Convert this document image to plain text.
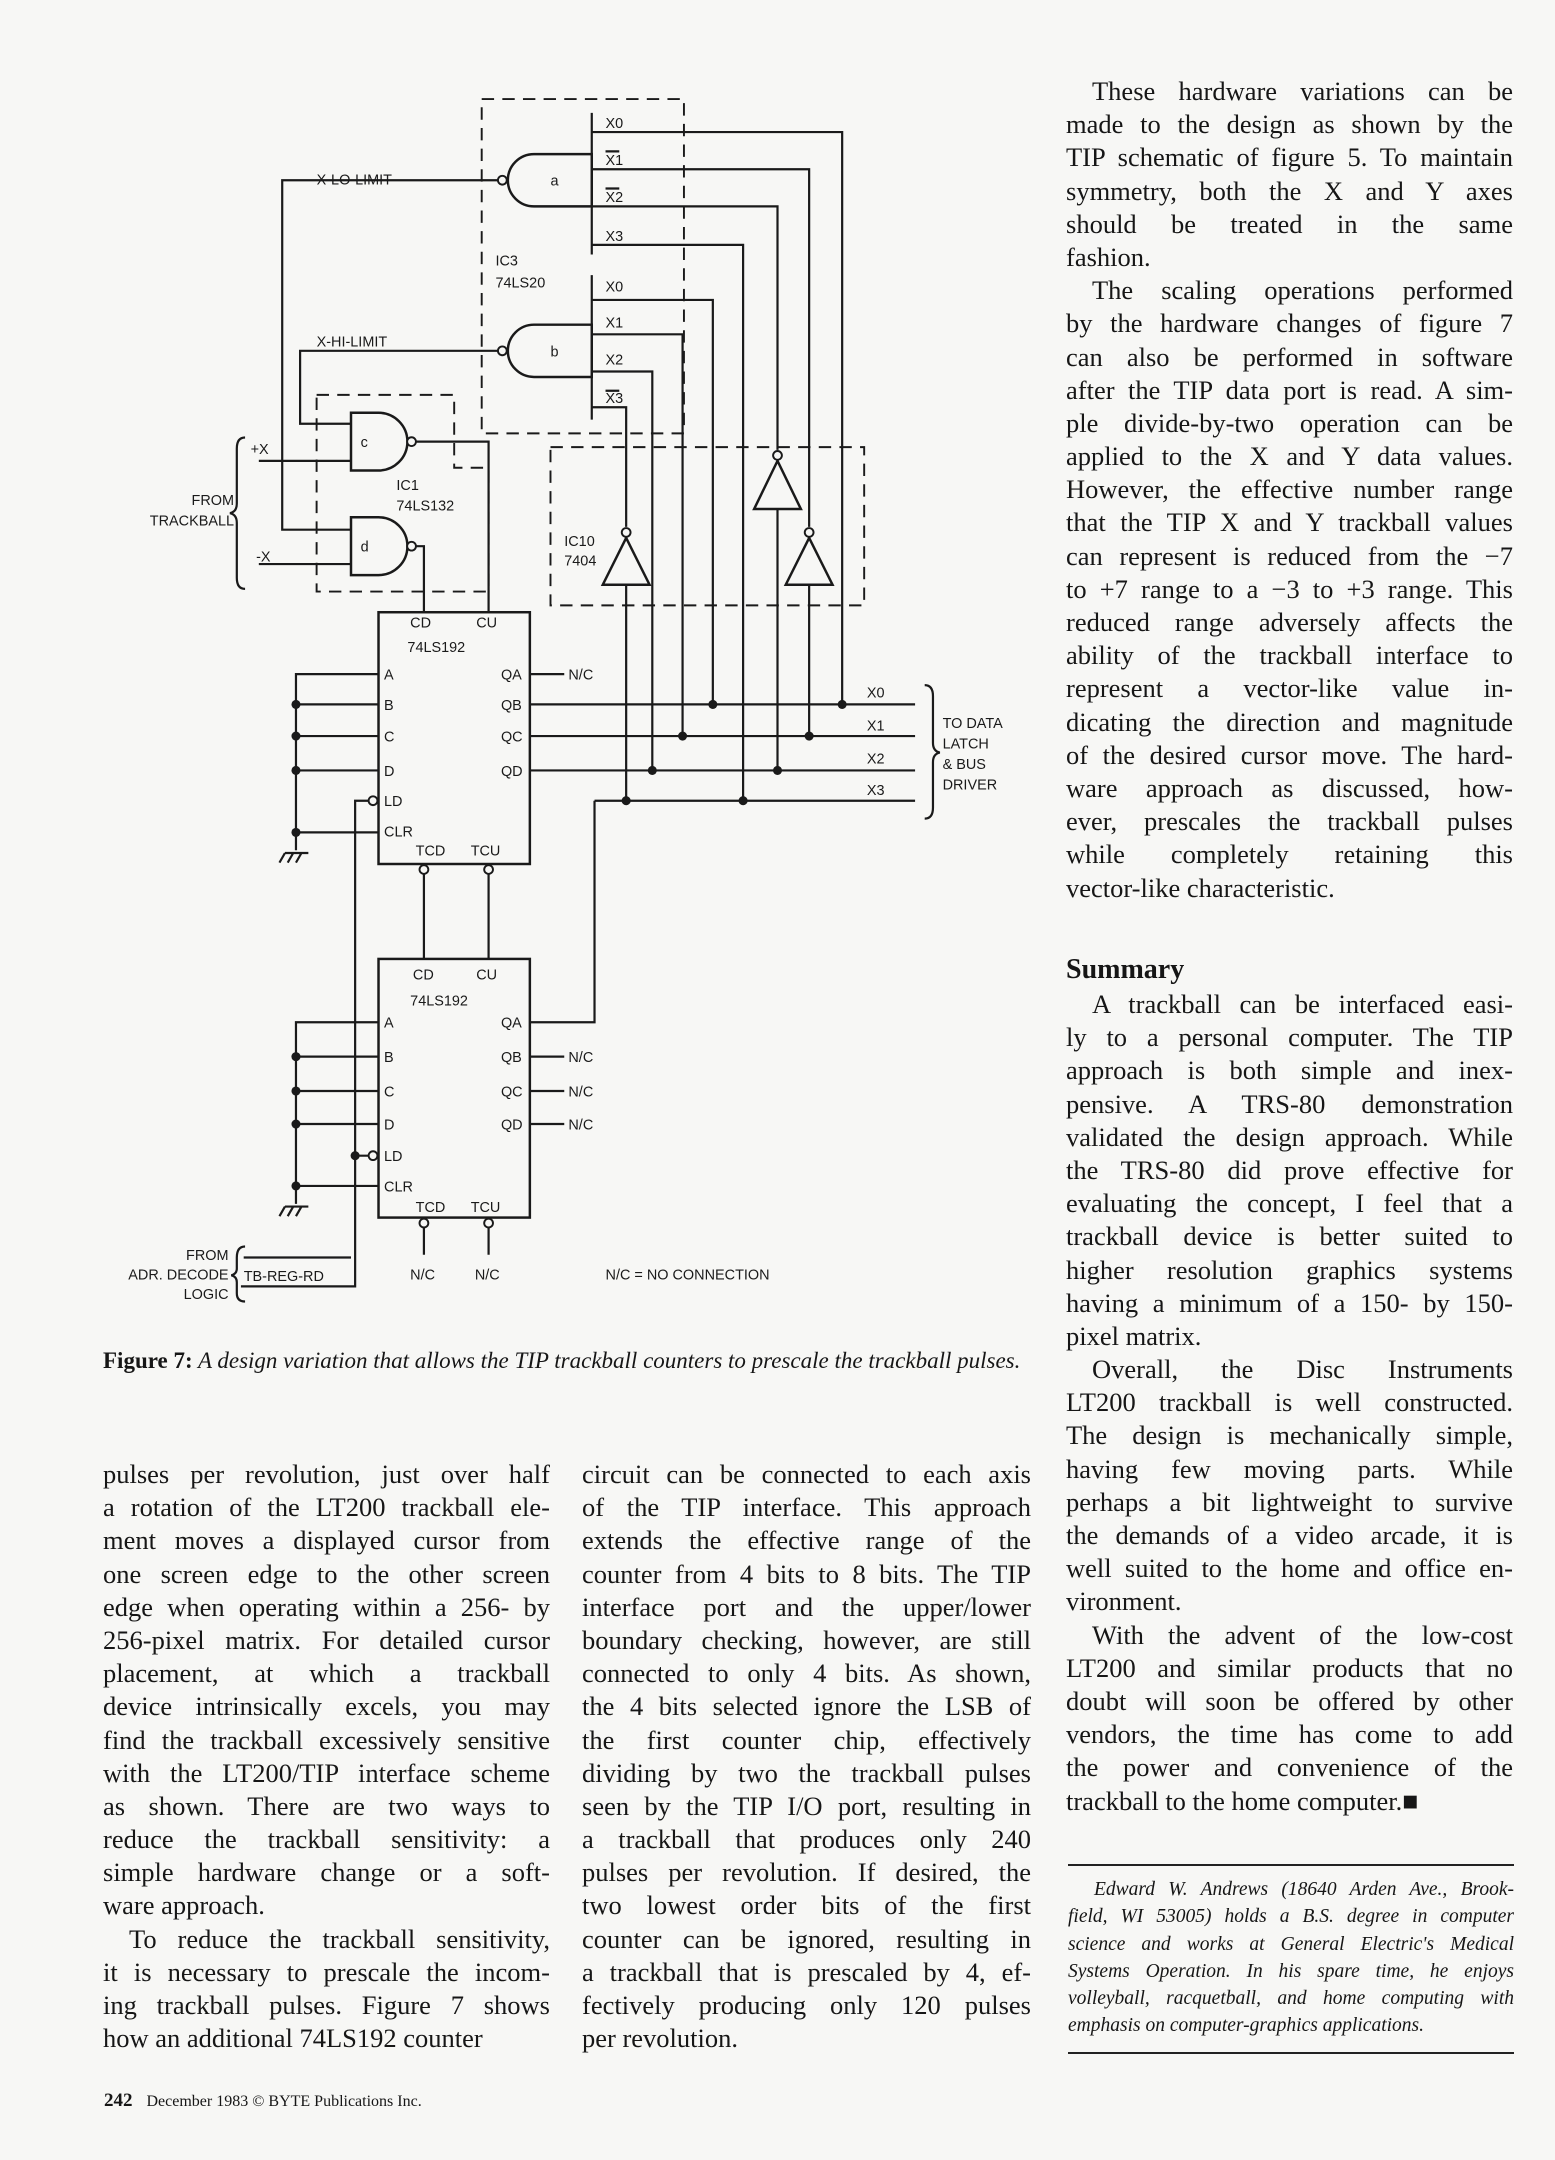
X0
X1
X2
X3
X0
X1
X2
X3
a
b
IC3
74LS20
X-LO-LIMIT
X-HI-LIMIT
c
d
IC1
74LS132
IC10
7404
FROM
TRACKBALL
+X
-X
CD	CU
74LS192
A
B
C
D
LD
CLR
QA
QB
QC
QD
TCD TCU
N/C
X0
X1
X2
X3
TO DATA
LATCH
& BUS
DRIVER
CD	CU
74LS192
A
B
C
D
LD
CLR
QA
QB
QC
QD
TCD TCU
N/C
N/C
N/C
N/C	N/C
FROM
ADR. DECODE
LOGIC
TB-REG-RD	N/C = NO CONNECTION
Figure 7: A design variation that allows the TIP trackball counters to prescale the trackball pulses.
These hardware variations can be
made to the design as shown by the
TIP schematic of figure 5. To maintain
symmetry, both the X and Y axes
should be treated in the same
fashion.
The scaling operations performed
by the hardware changes of figure 7
can also be performed in software
after the TIP data port is read. A sim-
ple divide-by-two operation can be
applied to the X and Y data values.
However, the effective number range
that the TIP X and Y trackball values
can represent is reduced from the −7
to +7 range to a −3 to +3 range. This
reduced range adversely affects the
ability of the trackball interface to
represent a vector-like value in-
dicating the direction and magnitude
of the desired cursor move. The hard-
ware approach as discussed, how-
ever, prescales the trackball pulses
while completely retaining this
vector-like characteristic.
Summary
A trackball can be interfaced easi-
ly to a personal computer. The TIP
approach is both simple and inex-
pensive. A TRS-80 demonstration
validated the design approach. While
the TRS-80 did prove effective for
evaluating the concept, I feel that a
trackball device is better suited to
higher resolution graphics systems
having a minimum of a 150- by 150-
pixel matrix.
Overall, the Disc Instruments
LT200 trackball is well constructed.
The design is mechanically simple,
having few moving parts. While
perhaps a bit lightweight to survive
the demands of a video arcade, it is
well suited to the home and office en-
vironment.
With the advent of the low-cost
LT200 and similar products that no
doubt will soon be offered by other
vendors, the time has come to add
the power and convenience of the
trackball to the home computer.■
Edward W. Andrews (18640 Arden Ave., Brook-
field, WI 53005) holds a B.S. degree in computer
science and works at General Electric's Medical
Systems Operation. In his spare time, he enjoys
volleyball, racquetball, and home computing with
emphasis on computer-graphics applications.
pulses per revolution, just over half
a rotation of the LT200 trackball ele-
ment moves a displayed cursor from
one screen edge to the other screen
edge when operating within a 256- by
256-pixel matrix. For detailed cursor
placement, at which a trackball
device intrinsically excels, you may
find the trackball excessively sensitive
with the LT200/TIP interface scheme
as shown. There are two ways to
reduce the trackball sensitivity: a
simple hardware change or a soft-
ware approach.
To reduce the trackball sensitivity,
it is necessary to prescale the incom-
ing trackball pulses. Figure 7 shows
how an additional 74LS192 counter
circuit can be connected to each axis
of the TIP interface. This approach
extends the effective range of the
counter from 4 bits to 8 bits. The TIP
interface port and the upper/lower
boundary checking, however, are still
connected to only 4 bits. As shown,
the 4 bits selected ignore the LSB of
the first counter chip, effectively
dividing by two the trackball pulses
seen by the TIP I/O port, resulting in
a trackball that produces only 240
pulses per revolution. If desired, the
two lowest order bits of the first
counter can be ignored, resulting in
a trackball that is prescaled by 4, ef-
fectively producing only 120 pulses
per revolution.
242 December 1983 © BYTE Publications Inc.
